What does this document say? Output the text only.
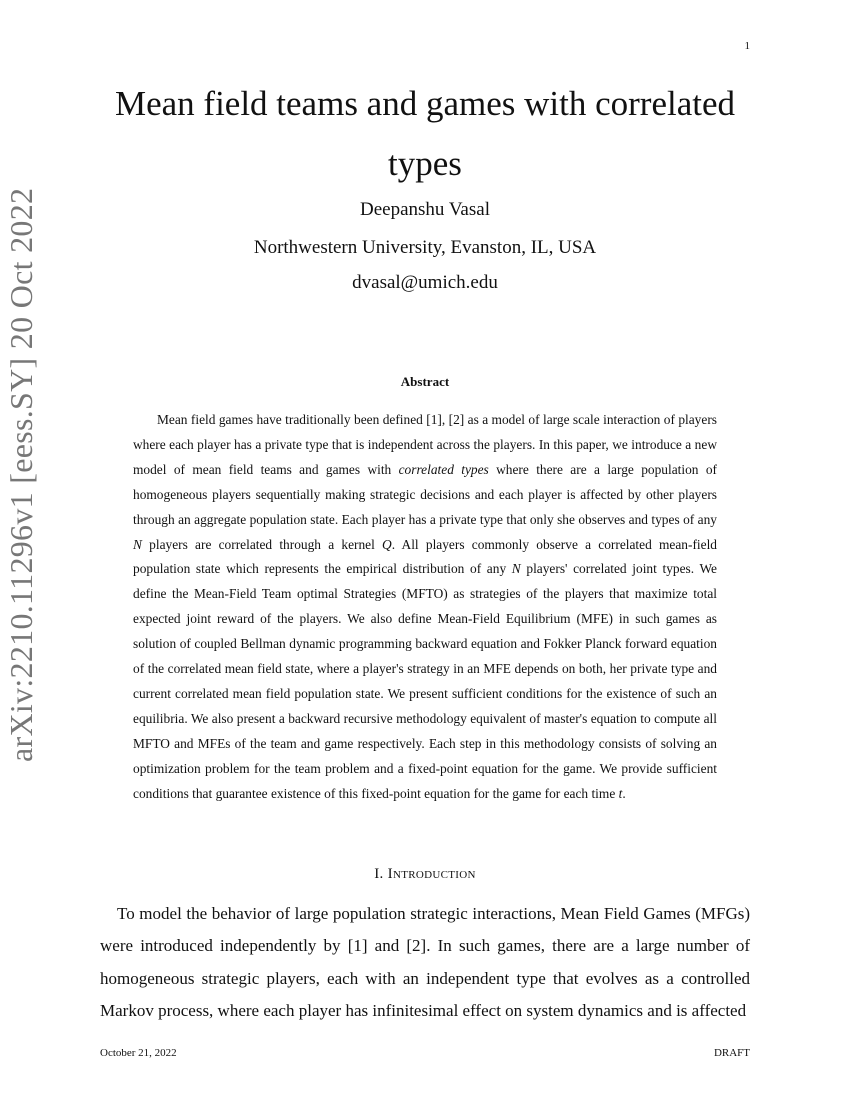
1
arXiv:2210.11296v1 [eess.SY] 20 Oct 2022
Mean field teams and games with correlated
types
Deepanshu Vasal
Northwestern University, Evanston, IL, USA
dvasal@umich.edu
Abstract

Mean field games have traditionally been defined [1], [2] as a model of large scale interaction of players where each player has a private type that is independent across the players. In this paper, we introduce a new model of mean field teams and games with correlated types where there are a large population of homogeneous players sequentially making strategic decisions and each player is affected by other players through an aggregate population state. Each player has a private type that only she observes and types of any N players are correlated through a kernel Q. All players commonly observe a correlated mean-field population state which represents the empirical distribution of any N players' correlated joint types. We define the Mean-Field Team optimal Strategies (MFTO) as strategies of the players that maximize total expected joint reward of the players. We also define Mean-Field Equilibrium (MFE) in such games as solution of coupled Bellman dynamic programming backward equation and Fokker Planck forward equation of the correlated mean field state, where a player's strategy in an MFE depends on both, her private type and current correlated mean field population state. We present sufficient conditions for the existence of such an equilibria. We also present a backward recursive methodology equivalent of master's equation to compute all MFTO and MFEs of the team and game respectively. Each step in this methodology consists of solving an optimization problem for the team problem and a fixed-point equation for the game. We provide sufficient conditions that guarantee existence of this fixed-point equation for the game for each time t.

I. Introduction

To model the behavior of large population strategic interactions, Mean Field Games (MFGs) were introduced independently by [1] and [2]. In such games, there are a large number of homogeneous strategic players, each with an independent type that evolves as a controlled Markov process, where each player has infinitesimal effect on system dynamics and is affected

October 21, 2022	DRAFT
